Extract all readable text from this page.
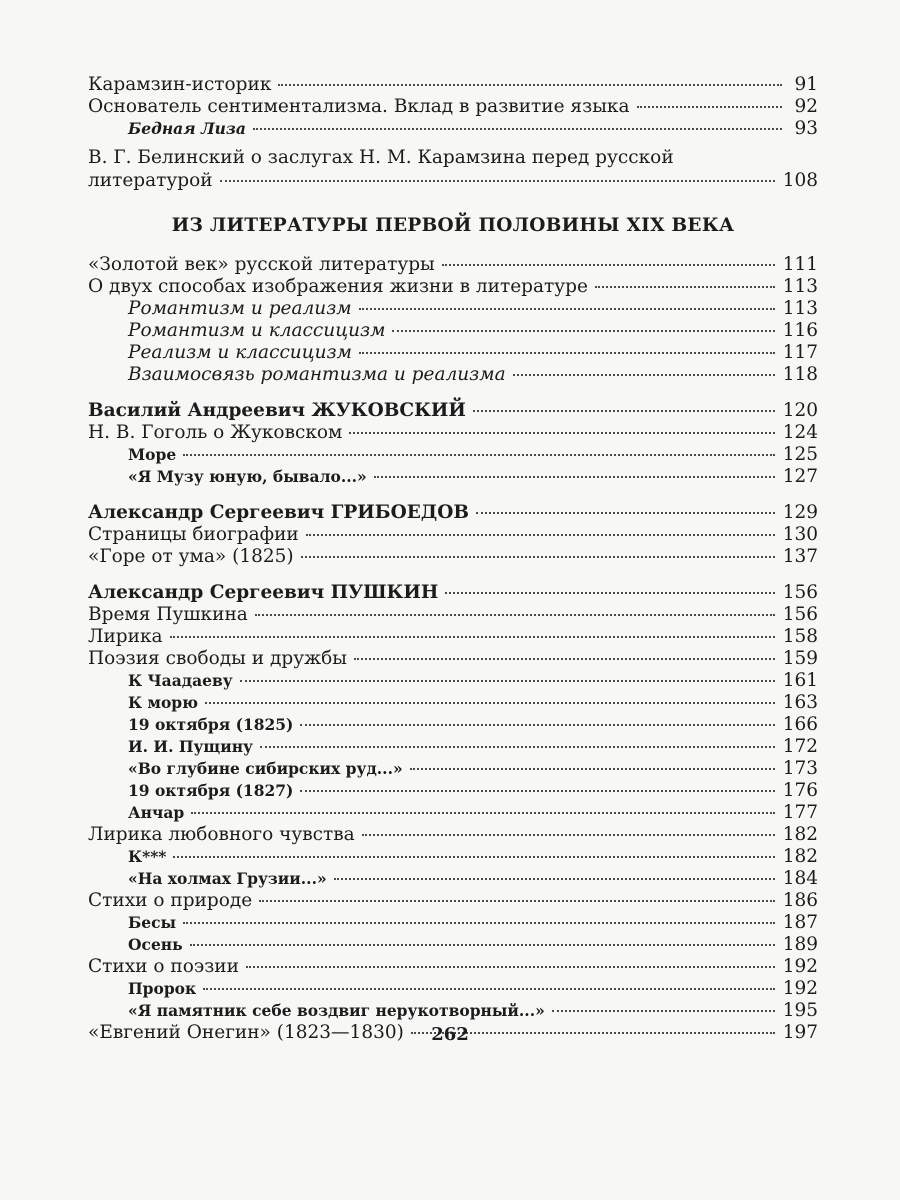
Карамзин-историк	91
Основатель сентиментализма. Вклад в развитие языка	92
Бедная Лиза	93
В. Г. Белинский о заслугах Н. М. Карамзина перед русской
литературой	108
ИЗ ЛИТЕРАТУРЫ ПЕРВОЙ ПОЛОВИНЫ XIX ВЕКА
«Золотой век» русской литературы	111
О двух способах изображения жизни в литературе	113
Романтизм и реализм	113
Романтизм и классицизм	116
Реализм и классицизм	117
Взаимосвязь романтизма и реализма	118
Василий Андреевич ЖУКОВСКИЙ	120
Н. В. Гоголь о Жуковском	124
Море	125
«Я Музу юную, бывало...»	127
Александр Сергеевич ГРИБОЕДОВ	129
Страницы биографии	130
«Горе от ума» (1825)	137
Александр Сергеевич ПУШКИН	156
Время Пушкина	156
Лирика	158
Поэзия свободы и дружбы	159
К Чаадаеву	161
К морю	163
19 октября (1825)	166
И. И. Пущину	172
«Во глубине сибирских руд...»	173
19 октября (1827)	176
Анчар	177
Лирика любовного чувства	182
К***	182
«На холмах Грузии...»	184
Стихи о природе	186
Бесы	187
Осень	189
Стихи о поэзии	192
Пророк	192
«Я памятник себе воздвиг нерукотворный...»	195
«Евгений Онегин» (1823—1830)	197
262
